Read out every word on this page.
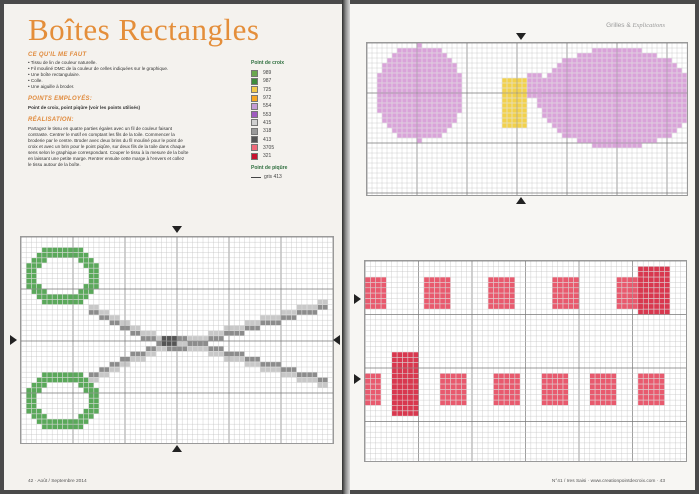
Boîtes Rectangles
CE QU'IL ME FAUT
• Tissu de lin de couleur naturelle.
• Fil mouliné DMC de la couleur de celles indiquées sur le graphique.
• Une boîte rectangulaire.
• Colle.
• Une aiguille à broder.
POINTS EMPLOYÉS:
Point de croix, point piqûre (voir les points utilisés)
RÉALISATION:
Partagez le tissu en quatre parties égales avec un fil de couleur faisant
contraste. Centrer le motif en comptant les fils de la toile. Commencer la
broderie par le centre. Broder avec deux brins du fil mouliné pour le point de
croix et avec un brin pour le point piqûre, sur deux fils de la toile dans chaque
sens selon le graphique correspondant. Couper le tissu à la mesure de la boîte
en laissant une petite marge. Rentrer ensuite cette marge à l'envers et collez
le tissu autour de la boîte.
Point de croix
989
987
725
972
554
553
415
318
413
3705
321
Point de piqûre
gris 413
42 · Août / Septembre 2014
Grilles & Explications
N°41 / Ires Saisi · www.creationpointdecroix.com · 43
